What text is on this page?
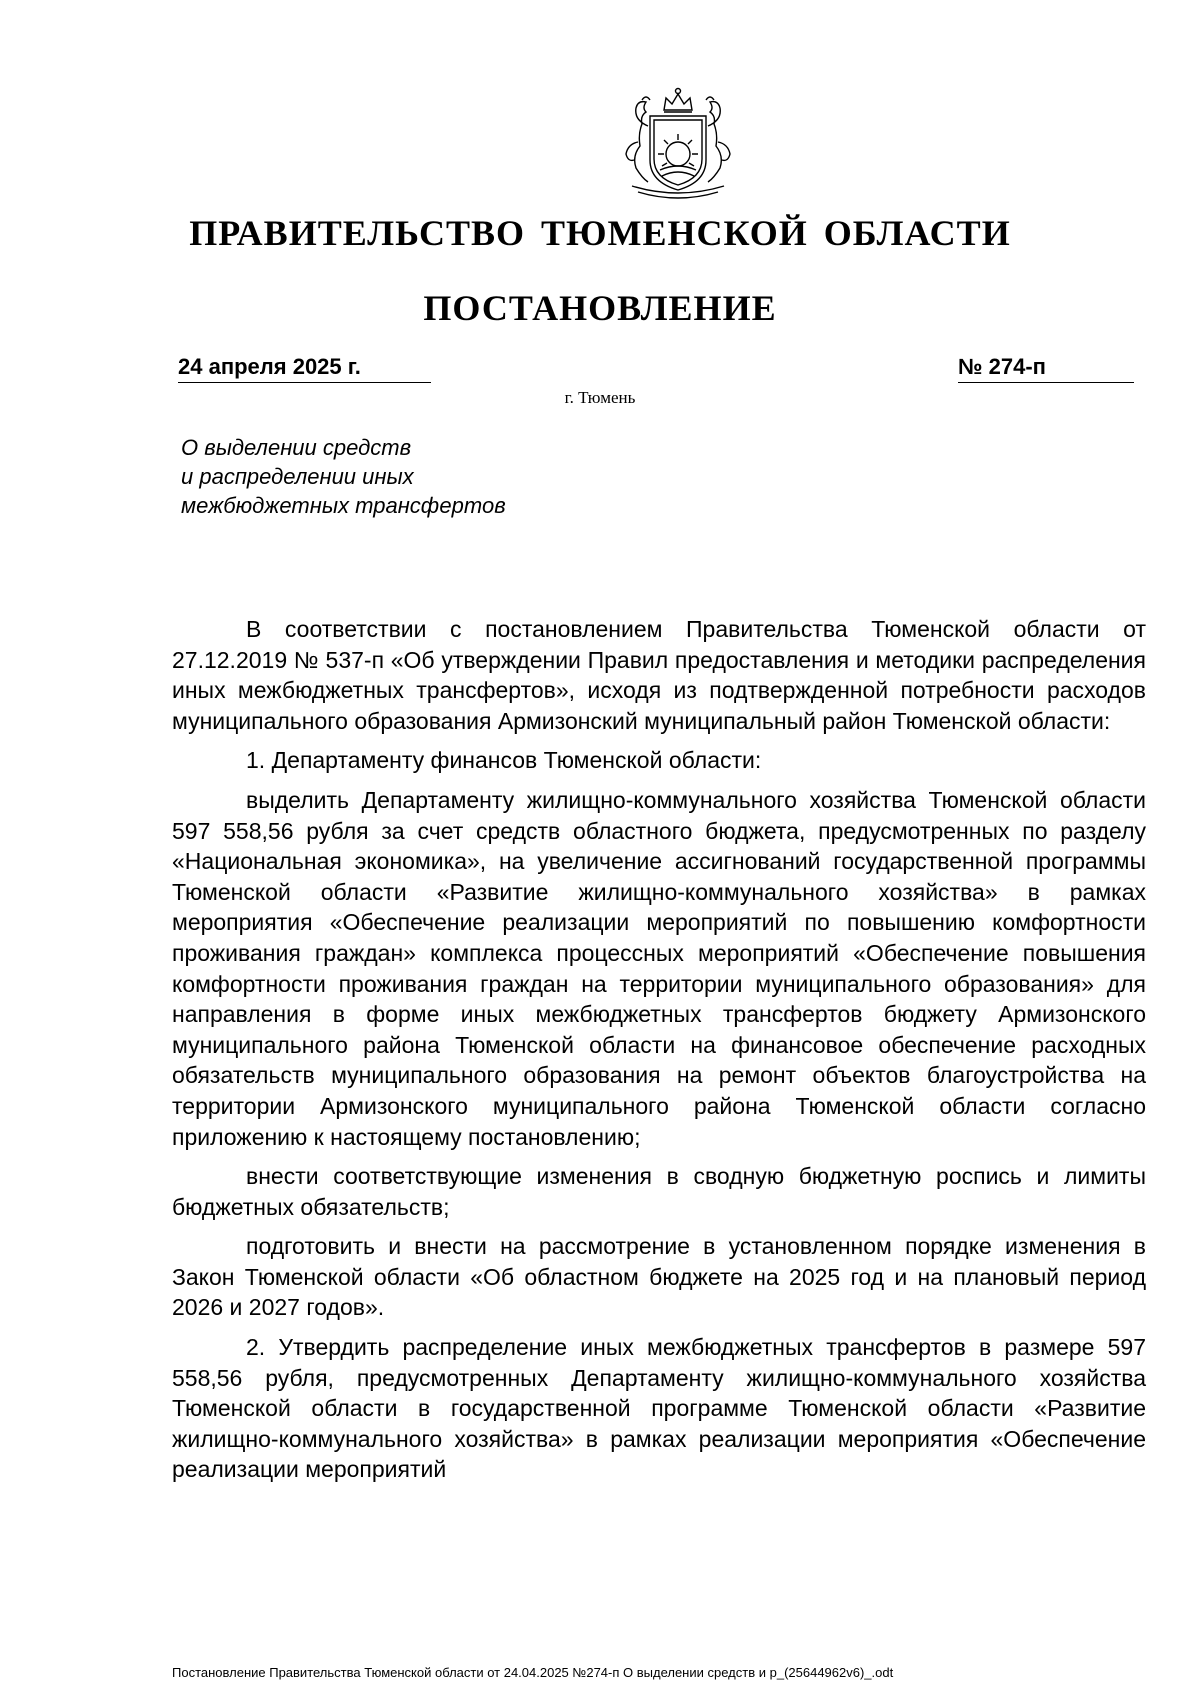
ПРАВИТЕЛЬСТВО ТЮМЕНСКОЙ ОБЛАСТИ
ПОСТАНОВЛЕНИЕ
24 апреля 2025 г.	№ 274-п
г. Тюмень
О выделении средств
и распределении иных
межбюджетных трансфертов

В соответствии с постановлением Правительства Тюменской области от 27.12.2019 № 537-п «Об утверждении Правил предоставления и методики распределения иных межбюджетных трансфертов», исходя из подтвержденной потребности расходов муниципального образования Армизонский муниципальный район Тюменской области:

1. Департаменту финансов Тюменской области:

выделить Департаменту жилищно-коммунального хозяйства Тюменской области 597 558,56 рубля за счет средств областного бюджета, предусмотренных по разделу «Национальная экономика», на увеличение ассигнований государственной программы Тюменской области «Развитие жилищно-коммунального хозяйства» в рамках мероприятия «Обеспечение реализации мероприятий по повышению комфортности проживания граждан» комплекса процессных мероприятий «Обеспечение повышения комфортности проживания граждан на территории муниципального образования» для направления в форме иных межбюджетных трансфертов бюджету Армизонского муниципального района Тюменской области на финансовое обеспечение расходных обязательств муниципального образования на ремонт объектов благоустройства на территории Армизонского муниципального района Тюменской области согласно приложению к настоящему постановлению;

внести соответствующие изменения в сводную бюджетную роспись и лимиты бюджетных обязательств;

подготовить и внести на рассмотрение в установленном порядке изменения в Закон Тюменской области «Об областном бюджете на 2025 год и на плановый период 2026 и 2027 годов».

2. Утвердить распределение иных межбюджетных трансфертов в размере 597 558,56 рубля, предусмотренных Департаменту жилищно-коммунального хозяйства Тюменской области в государственной программе Тюменской области «Развитие жилищно-коммунального хозяйства» в рамках реализации мероприятия «Обеспечение реализации мероприятий

Постановление Правительства Тюменской области от 24.04.2025 №274-п О выделении средств и р_(25644962v6)_.odt
